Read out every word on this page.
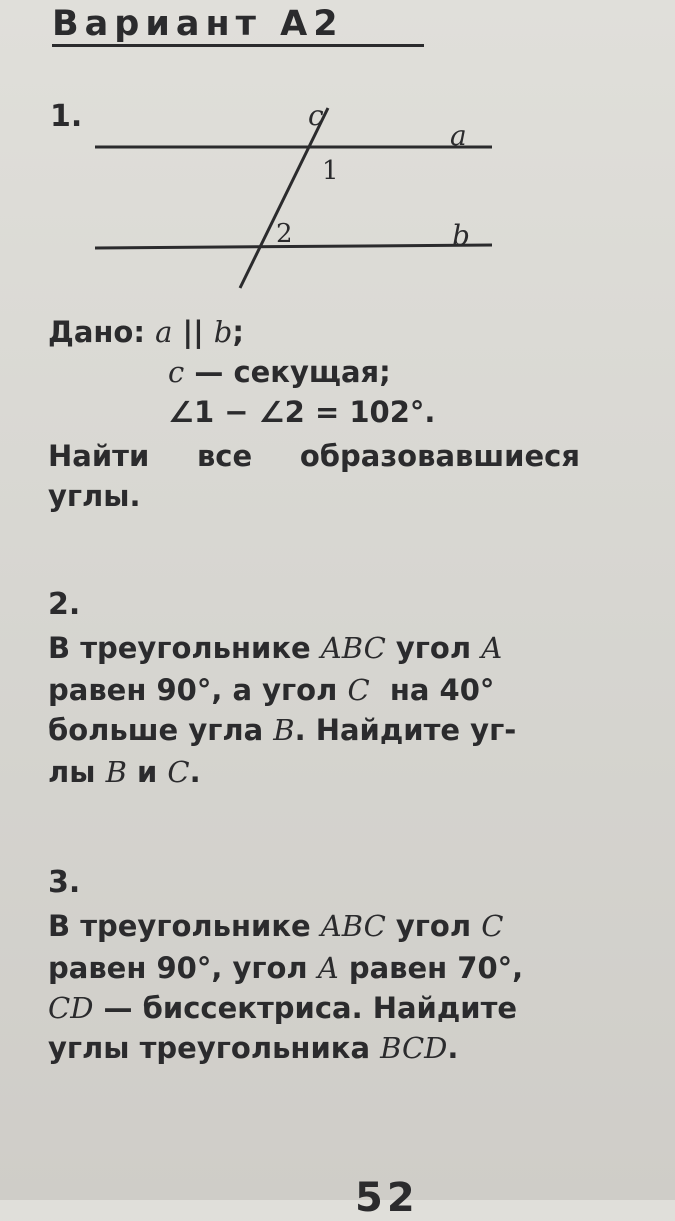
Вариант А2
1.	c
a
b
1
2
Дано: a || b;
c — секущая;
∠1 − ∠2 = 102°.
Найти все образовавшиеся
углы.
2.
В треугольнике ABC угол A
равен 90°, а угол C  на 40°
больше угла B. Найдите уг-
лы B и C.
3.
В треугольнике ABC угол C
равен 90°, угол A равен 70°,
CD — биссектриса. Найдите
углы треугольника BCD.
52
